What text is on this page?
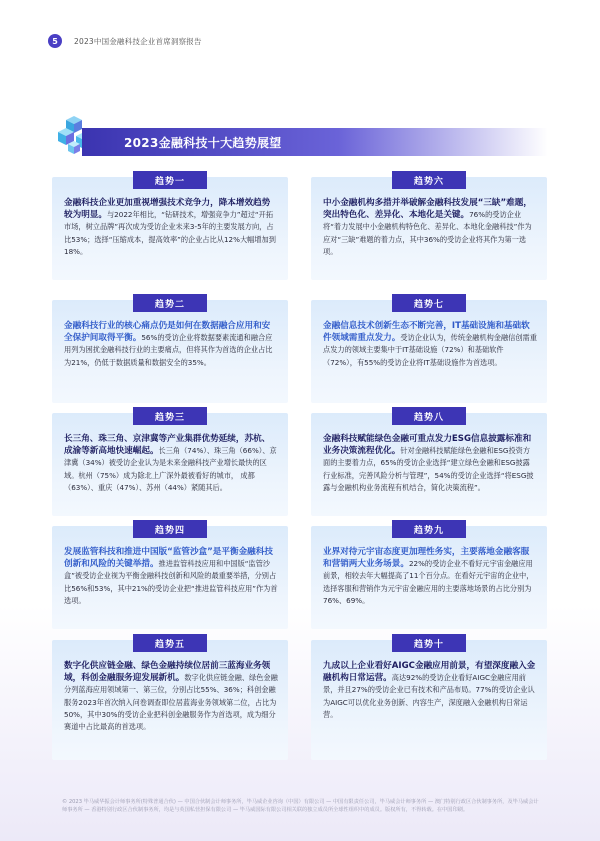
5	2023中国金融科技企业首席洞察报告
2023金融科技十大趋势展望
趋势一
金融科技企业更加重视增强技术竞争力，降本增效趋势较为明显。与2022年相比，“钻研技术，增强竞争力”超过“开拓市场，树立品牌”再次成为受访企业未来3-5年的主要发展方向，占比53%；选择“压缩成本，提高效率”的企业占比从12%大幅增加到18%。
趋势二
金融科技行业的核心痛点仍是如何在数据融合应用和安全保护间取得平衡。56%的受访企业将数据要素流通和融合应用列为困扰金融科技行业的主要痛点，但将其作为首选的企业占比为21%，仍低于数据质量和数据安全的35%。
趋势三
长三角、珠三角、京津冀等产业集群优势延续，苏杭、成渝等新高地快速崛起。长三角（74%）、珠三角（66%）、京津冀（34%）被受访企业认为是未来金融科技产业增长最快的区域。杭州（75%）成为除北上广深外最被看好的城市， 成都（63%）、重庆（47%）、苏州（44%）紧随其后。
趋势四
发展监管科技和推进中国版“监管沙盒”是平衡金融科技创新和风险的关键举措。推进监管科技应用和中国版“监管沙盒”被受访企业视为平衡金融科技创新和风险的最重要举措，分别占比56%和53%，其中21%的受访企业把“推进监管科技应用”作为首选项。
趋势五
数字化供应链金融、绿色金融持续位居前三蓝海业务领域，科创金融服务迎发展新机。数字化供应链金融、绿色金融分列蓝海应用领域第一、第三位，分别占比55%、36%；科创金融服务2023年首次纳入问卷调查即位居蓝海业务领域第二位，占比为50%，其中30%的受访企业把科创金融服务作为首选项，成为细分赛道中占比最高的首选项。
趋势六
中小金融机构多措并举破解金融科技发展“三缺”难题，突出特色化、差异化、本地化是关键。76%的受访企业将“着力发展中小金融机构特色化、差异化、本地化金融科技”作为应对“三缺”难题的着力点，其中36%的受访企业将其作为第一选项。
趋势七
金融信息技术创新生态不断完善，IT基础设施和基础软件领域需重点发力。受访企业认为，传统金融机构金融信创需重点发力的领域主要集中于IT基础设施（72%）和基础软件（72%），有55%的受访企业将IT基础设施作为首选项。
趋势八
金融科技赋能绿色金融可重点发力ESG信息披露标准和业务决策流程优化。针对金融科技赋能绿色金融和ESG投资方面的主要着力点，65%的受访企业选择“建立绿色金融和ESG披露行业标准，完善风险分析与管理”，54%的受访企业选择“将ESG披露与金融机构业务流程有机结合，简化决策流程”。
趋势九
业界对待元宇宙态度更加理性务实，主要落地金融客服和营销两大业务场景。22%的受访企业不看好元宇宙金融应用前景，相较去年大幅提高了11个百分点。在看好元宇宙的企业中，选择客服和营销作为元宇宙金融应用的主要落地场景的占比分别为76%、69%。
趋势十
九成以上企业看好AIGC金融应用前景，有望深度融入金融机构日常运营。高达92%的受访企业看好AIGC金融应用前景，并且27%的受访企业已有技术和产品布局。77%的受访企业认为AIGC可以优化业务创新、内容生产，深度融入金融机构日常运营。
© 2023 毕马威华振会计师事务所(特殊普通合伙) — 中国合伙制会计师事务所，毕马威企业咨询（中国）有限公司 — 中国有限责任公司，毕马威会计师事务所 — 澳门特别行政区合伙制事务所，及毕马威会计师事务所 — 香港特别行政区合伙制事务所，均是与英国私营担保有限公司 — 毕马威国际有限公司相关联的独立成员所全球性组织中的成员。版权所有，不得转载。在中国印刷。
